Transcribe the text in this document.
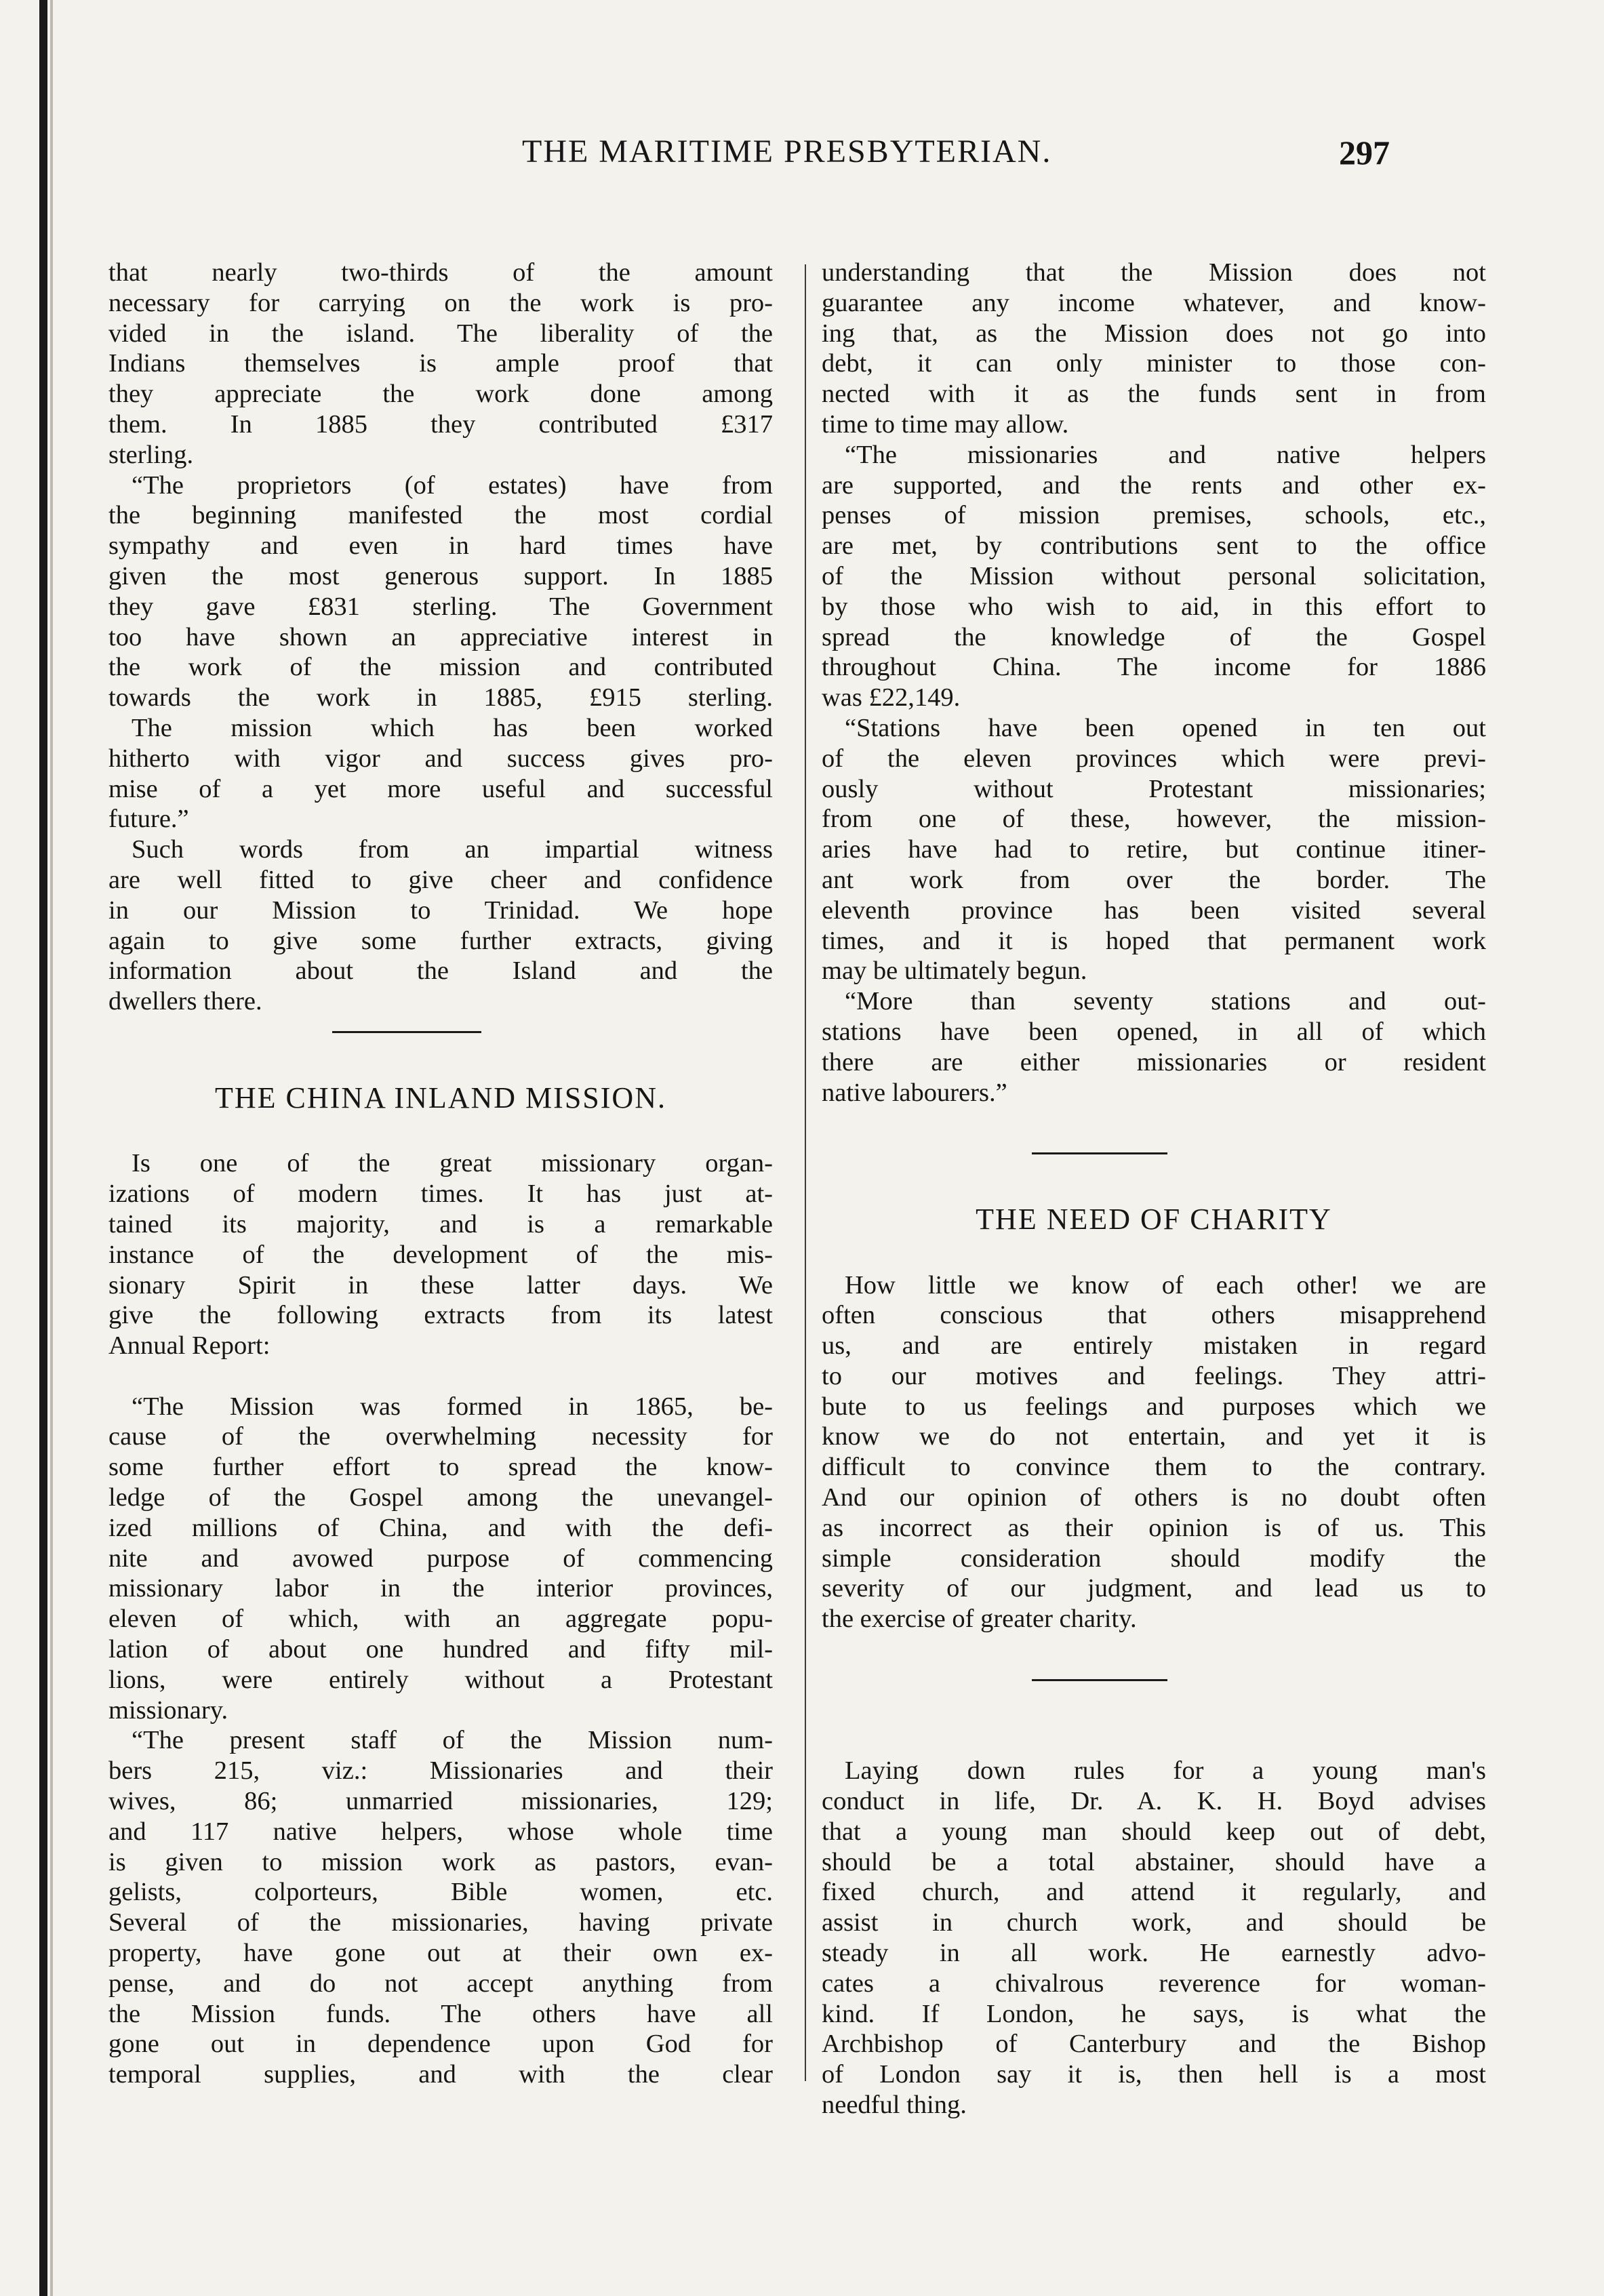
THE MARITIME PRESBYTERIAN.	297
that nearly two-thirds of the amount
necessary for carrying on the work is pro-
vided in the island. The liberality of the
Indians themselves is ample proof that
they appreciate the work done among
them. In 1885 they contributed £317
sterling.
“The proprietors (of estates) have from
the beginning manifested the most cordial
sympathy and even in hard times have
given the most generous support. In 1885
they gave £831 sterling. The Government
too have shown an appreciative interest in
the work of the mission and contributed
towards the work in 1885, £915 sterling.
The mission which has been worked
hitherto with vigor and success gives pro-
mise of a yet more useful and successful
future.”
Such words from an impartial witness
are well fitted to give cheer and confidence
in our Mission to Trinidad. We hope
again to give some further extracts, giving
information about the Island and the
dwellers there.
THE CHINA INLAND MISSION.
Is one of the great missionary organ-
izations of modern times. It has just at-
tained its majority, and is a remarkable
instance of the development of the mis-
sionary Spirit in these latter days. We
give the following extracts from its latest
Annual Report:
“The Mission was formed in 1865, be-
cause of the overwhelming necessity for
some further effort to spread the know-
ledge of the Gospel among the unevangel-
ized millions of China, and with the defi-
nite and avowed purpose of commencing
missionary labor in the interior provinces,
eleven of which, with an aggregate popu-
lation of about one hundred and fifty mil-
lions, were entirely without a Protestant
missionary.
“The present staff of the Mission num-
bers 215, viz.: Missionaries and their
wives, 86; unmarried missionaries, 129;
and 117 native helpers, whose whole time
is given to mission work as pastors, evan-
gelists, colporteurs, Bible women, etc.
Several of the missionaries, having private
property, have gone out at their own ex-
pense, and do not accept anything from
the Mission funds. The others have all
gone out in dependence upon God for
temporal supplies, and with the clear
understanding that the Mission does not
guarantee any income whatever, and know-
ing that, as the Mission does not go into
debt, it can only minister to those con-
nected with it as the funds sent in from
time to time may allow.
“The missionaries and native helpers
are supported, and the rents and other ex-
penses of mission premises, schools, etc.,
are met, by contributions sent to the office
of the Mission without personal solicitation,
by those who wish to aid, in this effort to
spread the knowledge of the Gospel
throughout China. The income for 1886
was £22,149.
“Stations have been opened in ten out
of the eleven provinces which were previ-
ously without Protestant missionaries;
from one of these, however, the mission-
aries have had to retire, but continue itiner-
ant work from over the border. The
eleventh province has been visited several
times, and it is hoped that permanent work
may be ultimately begun.
“More than seventy stations and out-
stations have been opened, in all of which
there are either missionaries or resident
native labourers.”
THE NEED OF CHARITY
How little we know of each other! we are
often conscious that others misapprehend
us, and are entirely mistaken in regard
to our motives and feelings. They attri-
bute to us feelings and purposes which we
know we do not entertain, and yet it is
difficult to convince them to the contrary.
And our opinion of others is no doubt often
as incorrect as their opinion is of us. This
simple consideration should modify the
severity of our judgment, and lead us to
the exercise of greater charity.
Laying down rules for a young man's
conduct in life, Dr. A. K. H. Boyd advises
that a young man should keep out of debt,
should be a total abstainer, should have a
fixed church, and attend it regularly, and
assist in church work, and should be
steady in all work. He earnestly advo-
cates a chivalrous reverence for woman-
kind. If London, he says, is what the
Archbishop of Canterbury and the Bishop
of London say it is, then hell is a most
needful thing.
